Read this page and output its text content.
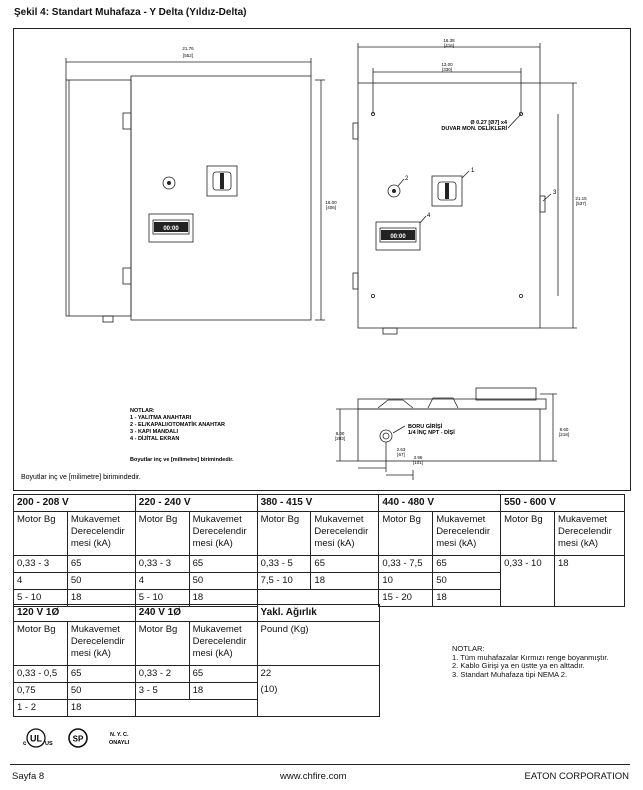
Şekil 4: Standart Muhafaza - Y Delta (Yıldız-Delta)
21.76
[552]
16.38
[416]
13.00
[330]
16.00
[406]
21.15
[537]
8.00
[203]
8.60
[218]
2.63
[67]
3.96
[101]
Ø 0.27 [Ø7] x4
DUVAR MON. DELİKLERİ
1
2
3
4
00:00
00:00
BORU GİRİŞİ
1/4 İNÇ NPT - DİŞİ
NOTLAR:
1 - YALITMA ANAHTARI
2 - EL/KAPALI/OTOMATİK ANAHTAR
3 - KAPI MANDALI
4 - DİJİTAL EKRAN
Boyutlar inç ve [milimetre] birimindedir.
Boyutlar inç ve [milimetre] birimindedir.
200 - 208 V		220 - 240 V		380 - 415 V		440 - 480 V		550 - 600 V	
Motor Bg	Mukavemet Derecelendir mesi (kA)	Motor Bg	Mukavemet Derecelendir mesi (kA)	Motor Bg	Mukavemet Derecelendir mesi (kA)	Motor Bg	Mukavemet Derecelendir mesi (kA)	Motor Bg	Mukavemet Derecelendir mesi (kA)
0,33 - 3	65	0,33 - 3	65	0,33 - 5	65	0,33 - 7,5	65	0,33 - 10	18
4	50	4	50	7,5 - 10	18	10	50		
5 - 10	18	5 - 10	18			15 - 20	18		
120 V 1Ø		240 V 1Ø		Yakl. Ağırlık
Motor Bg	Mukavemet Derecelendir mesi (kA)	Motor Bg	Mukavemet Derecelendir mesi (kA)	Pound (Kg)
0,33 - 0,5	65	0,33 - 2	65	22
(10)

0,75	50	3 - 5	18	
1 - 2	18			
NOTLAR:
1. Tüm muhafazalar Kırmızı renge boyanmıştır.
2. Kablo Girişi ya en üstte ya en alttadır.
3. Standart Muhafaza tipi NEMA 2.
UL
c	US
SP	N. Y. C.
ONAYLI
Sayfa 8	www.chfire.com	EATON CORPORATION
